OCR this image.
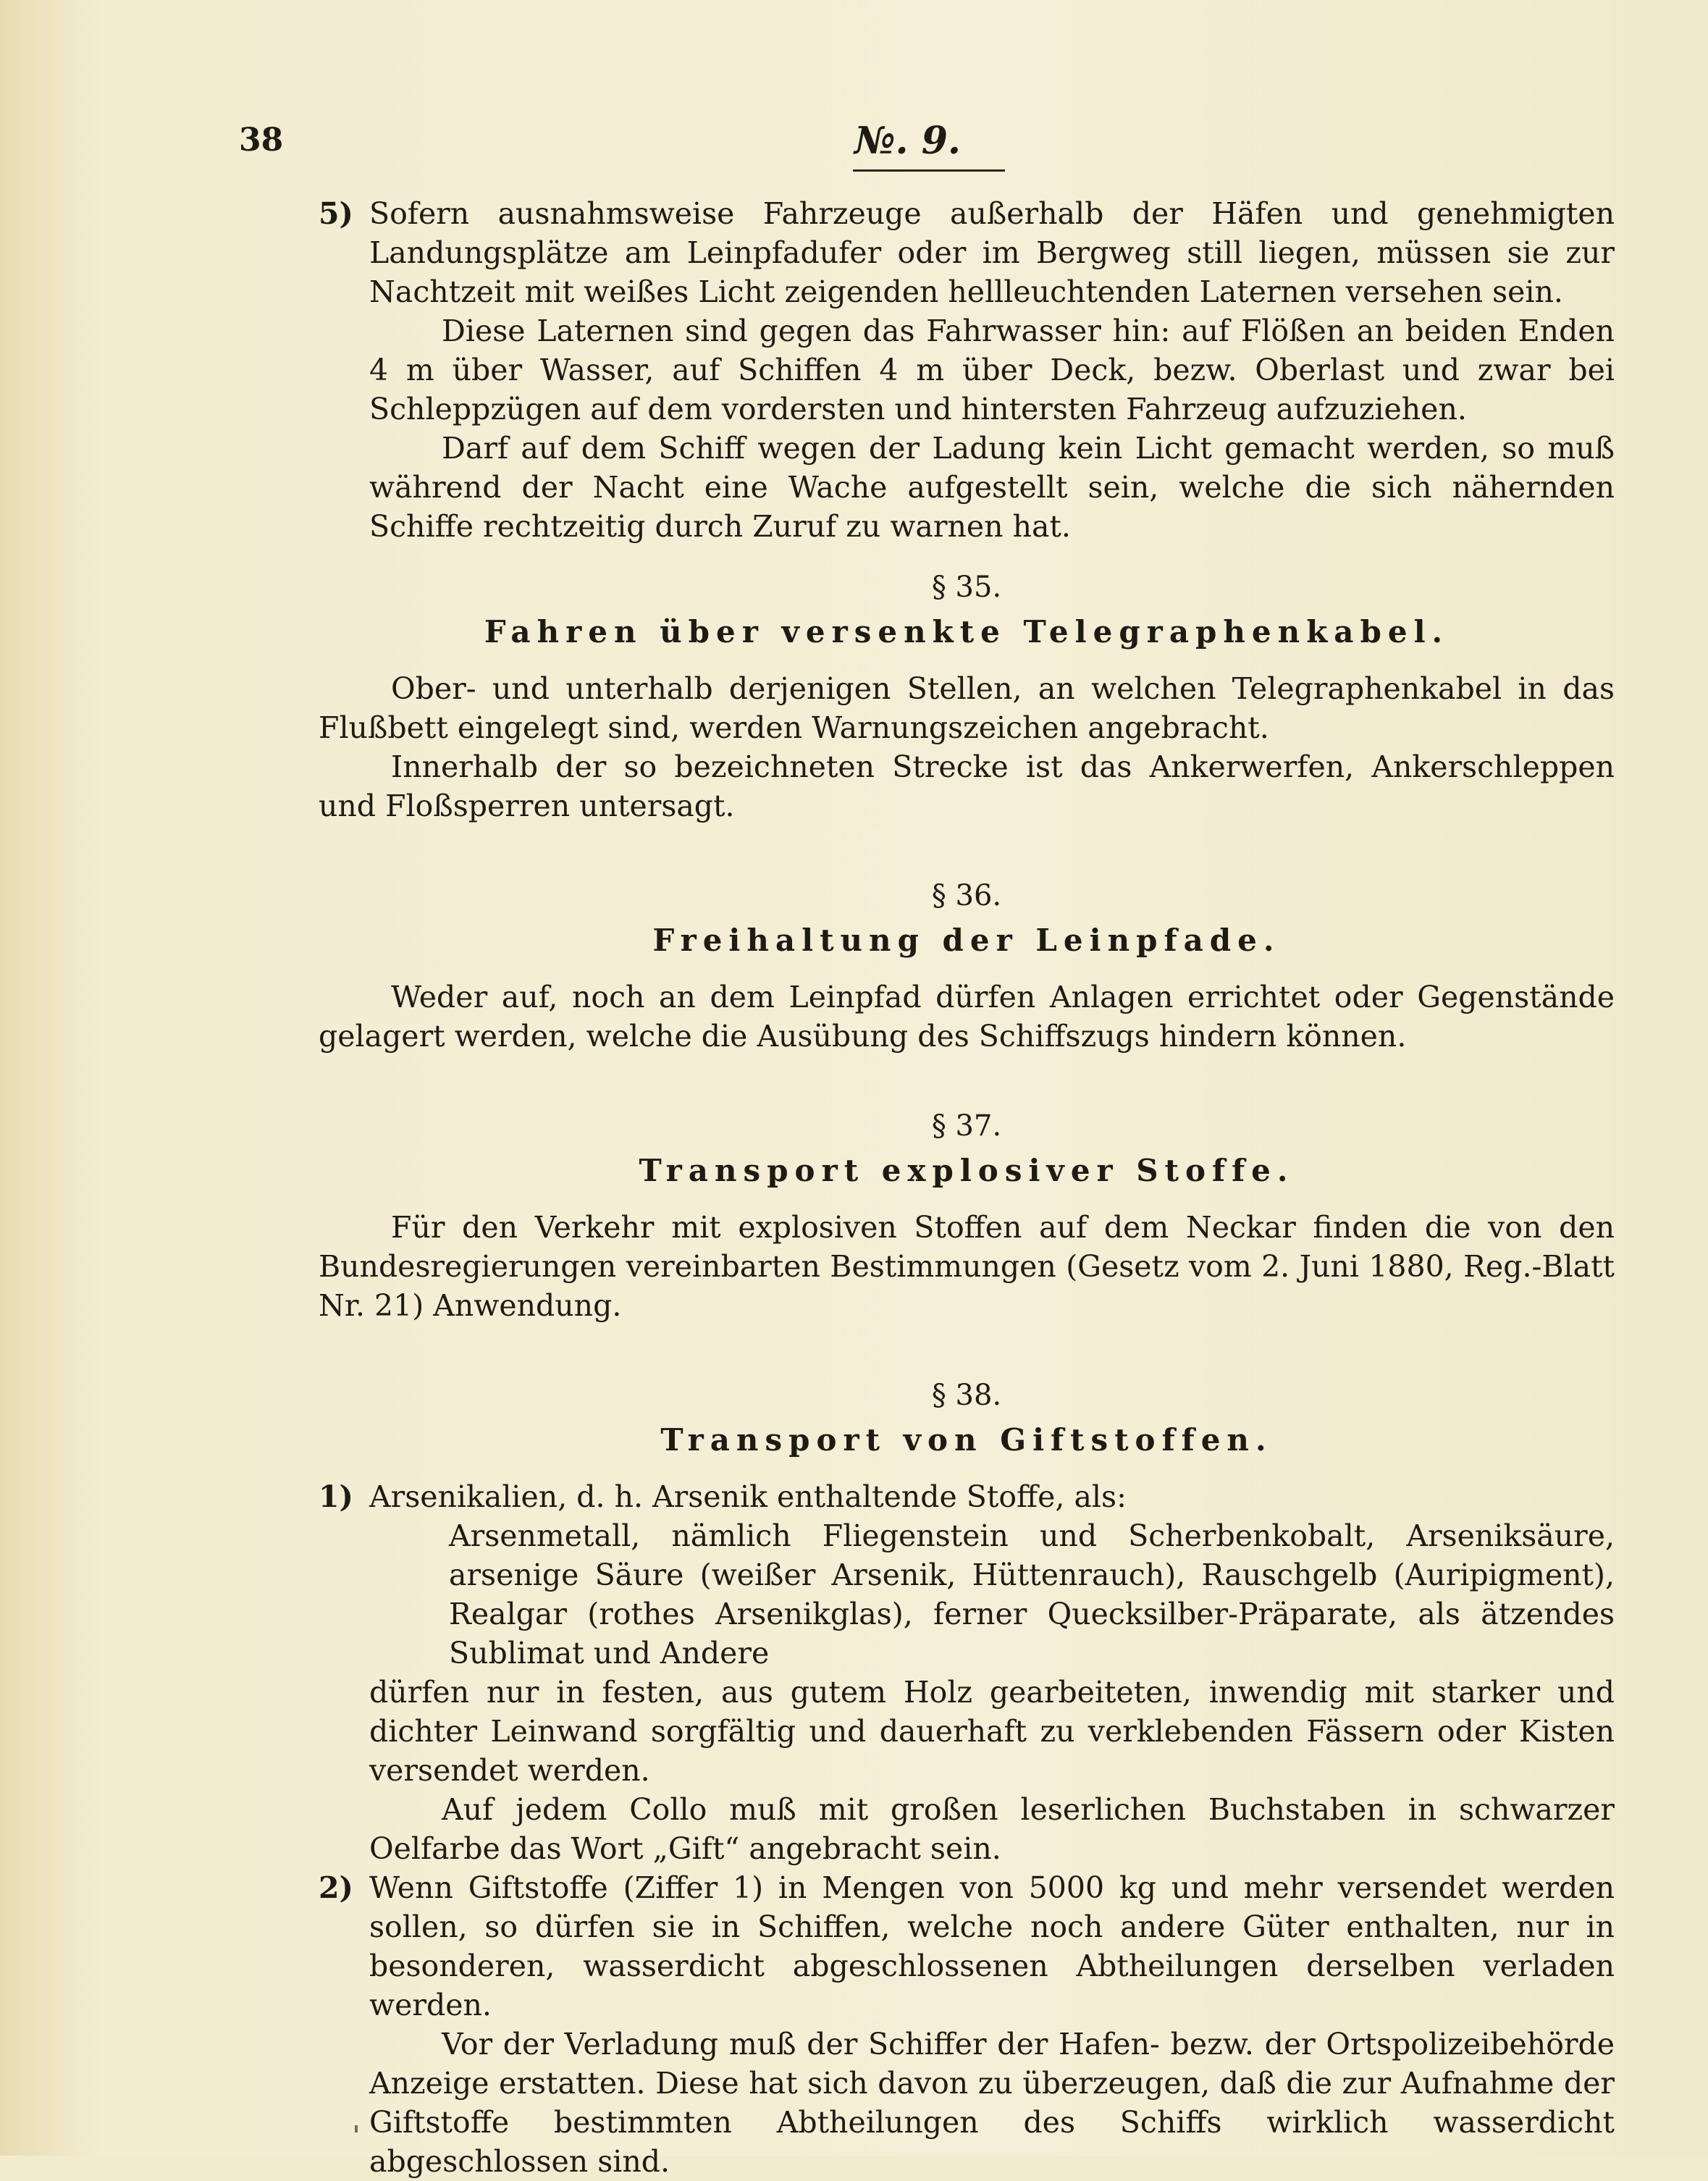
38	№. 9.
5) Sofern ausnahmsweise Fahrzeuge außerhalb der Häfen und genehmigten Landungsplätze am Leinpfadufer oder im Bergweg still liegen, müssen sie zur Nachtzeit mit weißes Licht zeigenden hellleuchtenden Laternen versehen sein.

Diese Laternen sind gegen das Fahrwasser hin: auf Flößen an beiden Enden 4 m über Wasser, auf Schiffen 4 m über Deck, bezw. Oberlast und zwar bei Schleppzügen auf dem vordersten und hintersten Fahrzeug aufzuziehen.

Darf auf dem Schiff wegen der Ladung kein Licht gemacht werden, so muß während der Nacht eine Wache aufgestellt sein, welche die sich nähernden Schiffe rechtzeitig durch Zuruf zu warnen hat.

§ 35.
Fahren über versenkte Telegraphenkabel.

Ober- und unterhalb derjenigen Stellen, an welchen Telegraphenkabel in das Flußbett eingelegt sind, werden Warnungszeichen angebracht.

Innerhalb der so bezeichneten Strecke ist das Ankerwerfen, Ankerschleppen und Floßsperren untersagt.

§ 36.
Freihaltung der Leinpfade.

Weder auf, noch an dem Leinpfad dürfen Anlagen errichtet oder Gegenstände gelagert werden, welche die Ausübung des Schiffszugs hindern können.

§ 37.
Transport explosiver Stoffe.

Für den Verkehr mit explosiven Stoffen auf dem Neckar finden die von den Bundesregierungen vereinbarten Bestimmungen (Gesetz vom 2. Juni 1880, Reg.-Blatt Nr. 21) Anwendung.

§ 38.
Transport von Giftstoffen.
1) Arsenikalien, d. h. Arsenik enthaltende Stoffe, als:

Arsenmetall, nämlich Fliegenstein und Scherbenkobalt, Arseniksäure, arsenige Säure (weißer Arsenik, Hüttenrauch), Rauschgelb (Auripigment), Realgar (rothes Arsenikglas), ferner Quecksilber-Präparate, als ätzendes Sublimat und Andere

dürfen nur in festen, aus gutem Holz gearbeiteten, inwendig mit starker und dichter Leinwand sorgfältig und dauerhaft zu verklebenden Fässern oder Kisten versendet werden.

Auf jedem Collo muß mit großen leserlichen Buchstaben in schwarzer Oelfarbe das Wort „Gift“ angebracht sein.

2) Wenn Giftstoffe (Ziffer 1) in Mengen von 5000 kg und mehr versendet werden sollen, so dürfen sie in Schiffen, welche noch andere Güter enthalten, nur in besonderen, wasserdicht abgeschlossenen Abtheilungen derselben verladen werden.

Vor der Verladung muß der Schiffer der Hafen- bezw. der Ortspolizeibehörde Anzeige erstatten. Diese hat sich davon zu überzeugen, daß die zur Aufnahme der Giftstoffe bestimmten Abtheilungen des Schiffs wirklich wasserdicht abgeschlossen sind.
